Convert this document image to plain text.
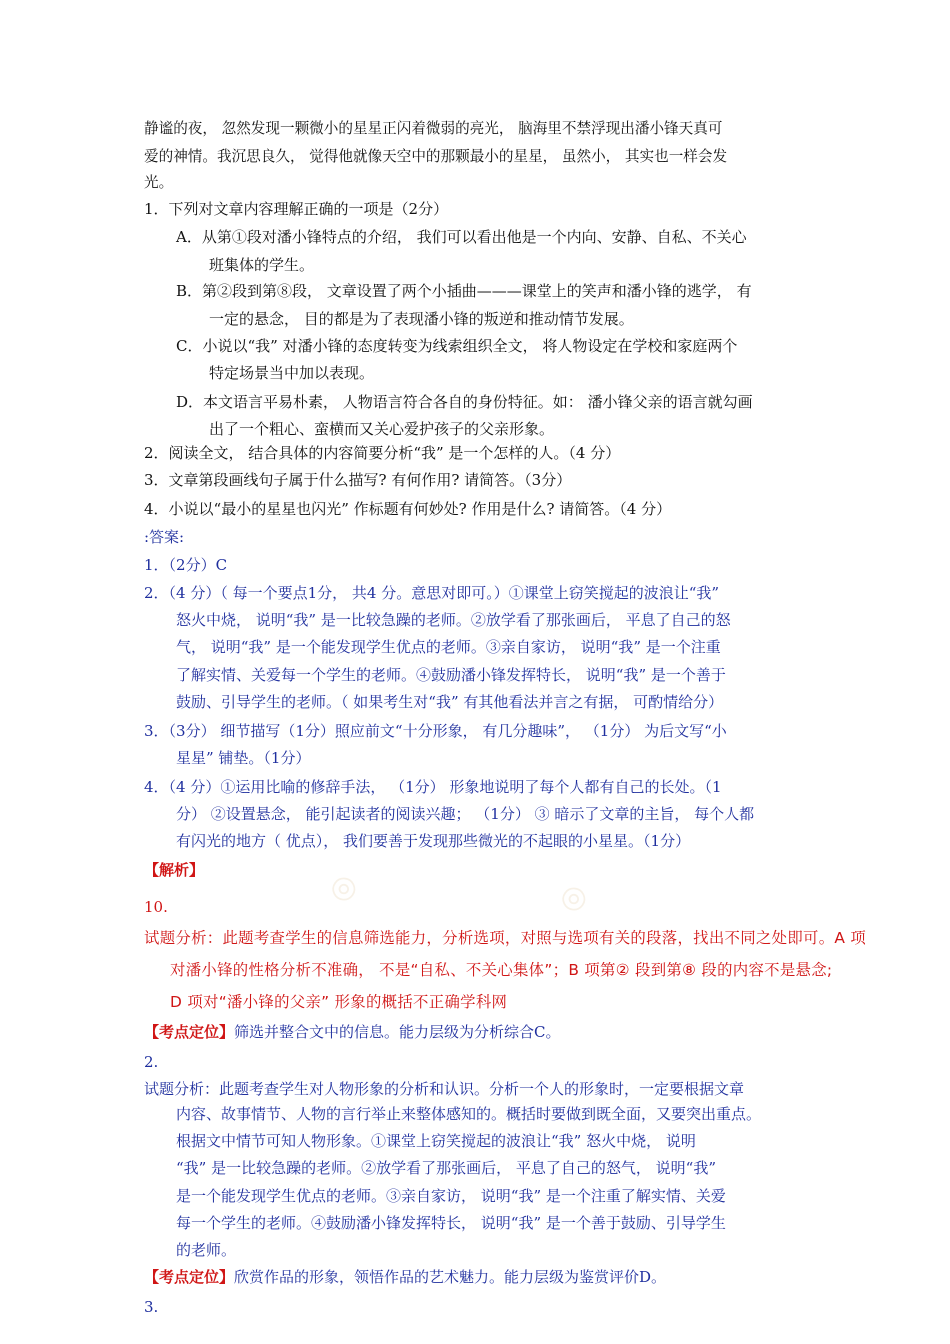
◎	◎
静谧的夜， 忽然发现一颗微小的星星正闪着微弱的亮光， 脑海里不禁浮现出潘小锋天真可
爱的神情。我沉思良久， 觉得他就像天空中的那颗最小的星星， 虽然小， 其实也一样会发
光。
1．下列对文章内容理解正确的一项是（2分）
A．从第①段对潘小锋特点的介绍， 我们可以看出他是一个内向、安静、自私、不关心
班集体的学生。
B．第②段到第⑧段， 文章设置了两个小插曲———课堂上的笑声和潘小锋的逃学， 有
一定的悬念， 目的都是为了表现潘小锋的叛逆和推动情节发展。
C．小说以“我” 对潘小锋的态度转变为线索组织全文， 将人物设定在学校和家庭两个
特定场景当中加以表现。
D．本文语言平易朴素， 人物语言符合各自的身份特征。如： 潘小锋父亲的语言就勾画
出了一个粗心、蛮横而又关心爱护孩子的父亲形象。
2．阅读全文， 结合具体的内容简要分析“我” 是一个怎样的人。（4 分）
3．文章第段画线句子属于什么描写? 有何作用? 请简答。（3分）
4．小说以“最小的星星也闪光” 作标题有何妙处? 作用是什么? 请简答。（4 分）
:答案:
1．（2分）C
2．（4 分）（ 每一个要点1分， 共4 分。意思对即可。）①课堂上窃笑搅起的波浪让“我”
怒火中烧， 说明“我” 是一比较急躁的老师。②放学看了那张画后， 平息了自己的怒
气， 说明“我” 是一个能发现学生优点的老师。③亲自家访， 说明“我” 是一个注重
了解实情、关爱每一个学生的老师。④鼓励潘小锋发挥特长， 说明“我” 是一个善于
鼓励、引导学生的老师。（ 如果考生对“我” 有其他看法并言之有据， 可酌情给分）
3．（3分） 细节描写（1分）照应前文“十分形象， 有几分趣味”， （1分） 为后文写“小
星星” 铺垫。（1分）
4．（4 分）①运用比喻的修辞手法， （1分） 形象地说明了每个人都有自己的长处。（1
分） ②设置悬念， 能引起读者的阅读兴趣； （1分） ③ 暗示了文章的主旨， 每个人都
有闪光的地方（ 优点）， 我们要善于发现那些微光的不起眼的小星星。（1分）
【解析】
10.
试题分析：此题考查学生的信息筛选能力，分析选项，对照与选项有关的段落，找出不同之处即可。A 项
对潘小锋的性格分析不准确， 不是“自私、不关心集体”；B 项第② 段到第⑧ 段的内容不是悬念;
D 项对“潘小锋的父亲” 形象的概括不正确学科网
【考点定位】筛选并整合文中的信息。能力层级为分析综合C。
2.
试题分析：此题考查学生对人物形象的分析和认识。分析一个人的形象时，一定要根据文章
内容、故事情节、人物的言行举止来整体感知的。概括时要做到既全面，又要突出重点。
根据文中情节可知人物形象。①课堂上窃笑搅起的波浪让“我” 怒火中烧， 说明
“我” 是一比较急躁的老师。②放学看了那张画后， 平息了自己的怒气， 说明“我”
是一个能发现学生优点的老师。③亲自家访， 说明“我” 是一个注重了解实情、关爱
每一个学生的老师。④鼓励潘小锋发挥特长， 说明“我” 是一个善于鼓励、引导学生
的老师。
【考点定位】欣赏作品的形象，领悟作品的艺术魅力。能力层级为鉴赏评价D。
3.
